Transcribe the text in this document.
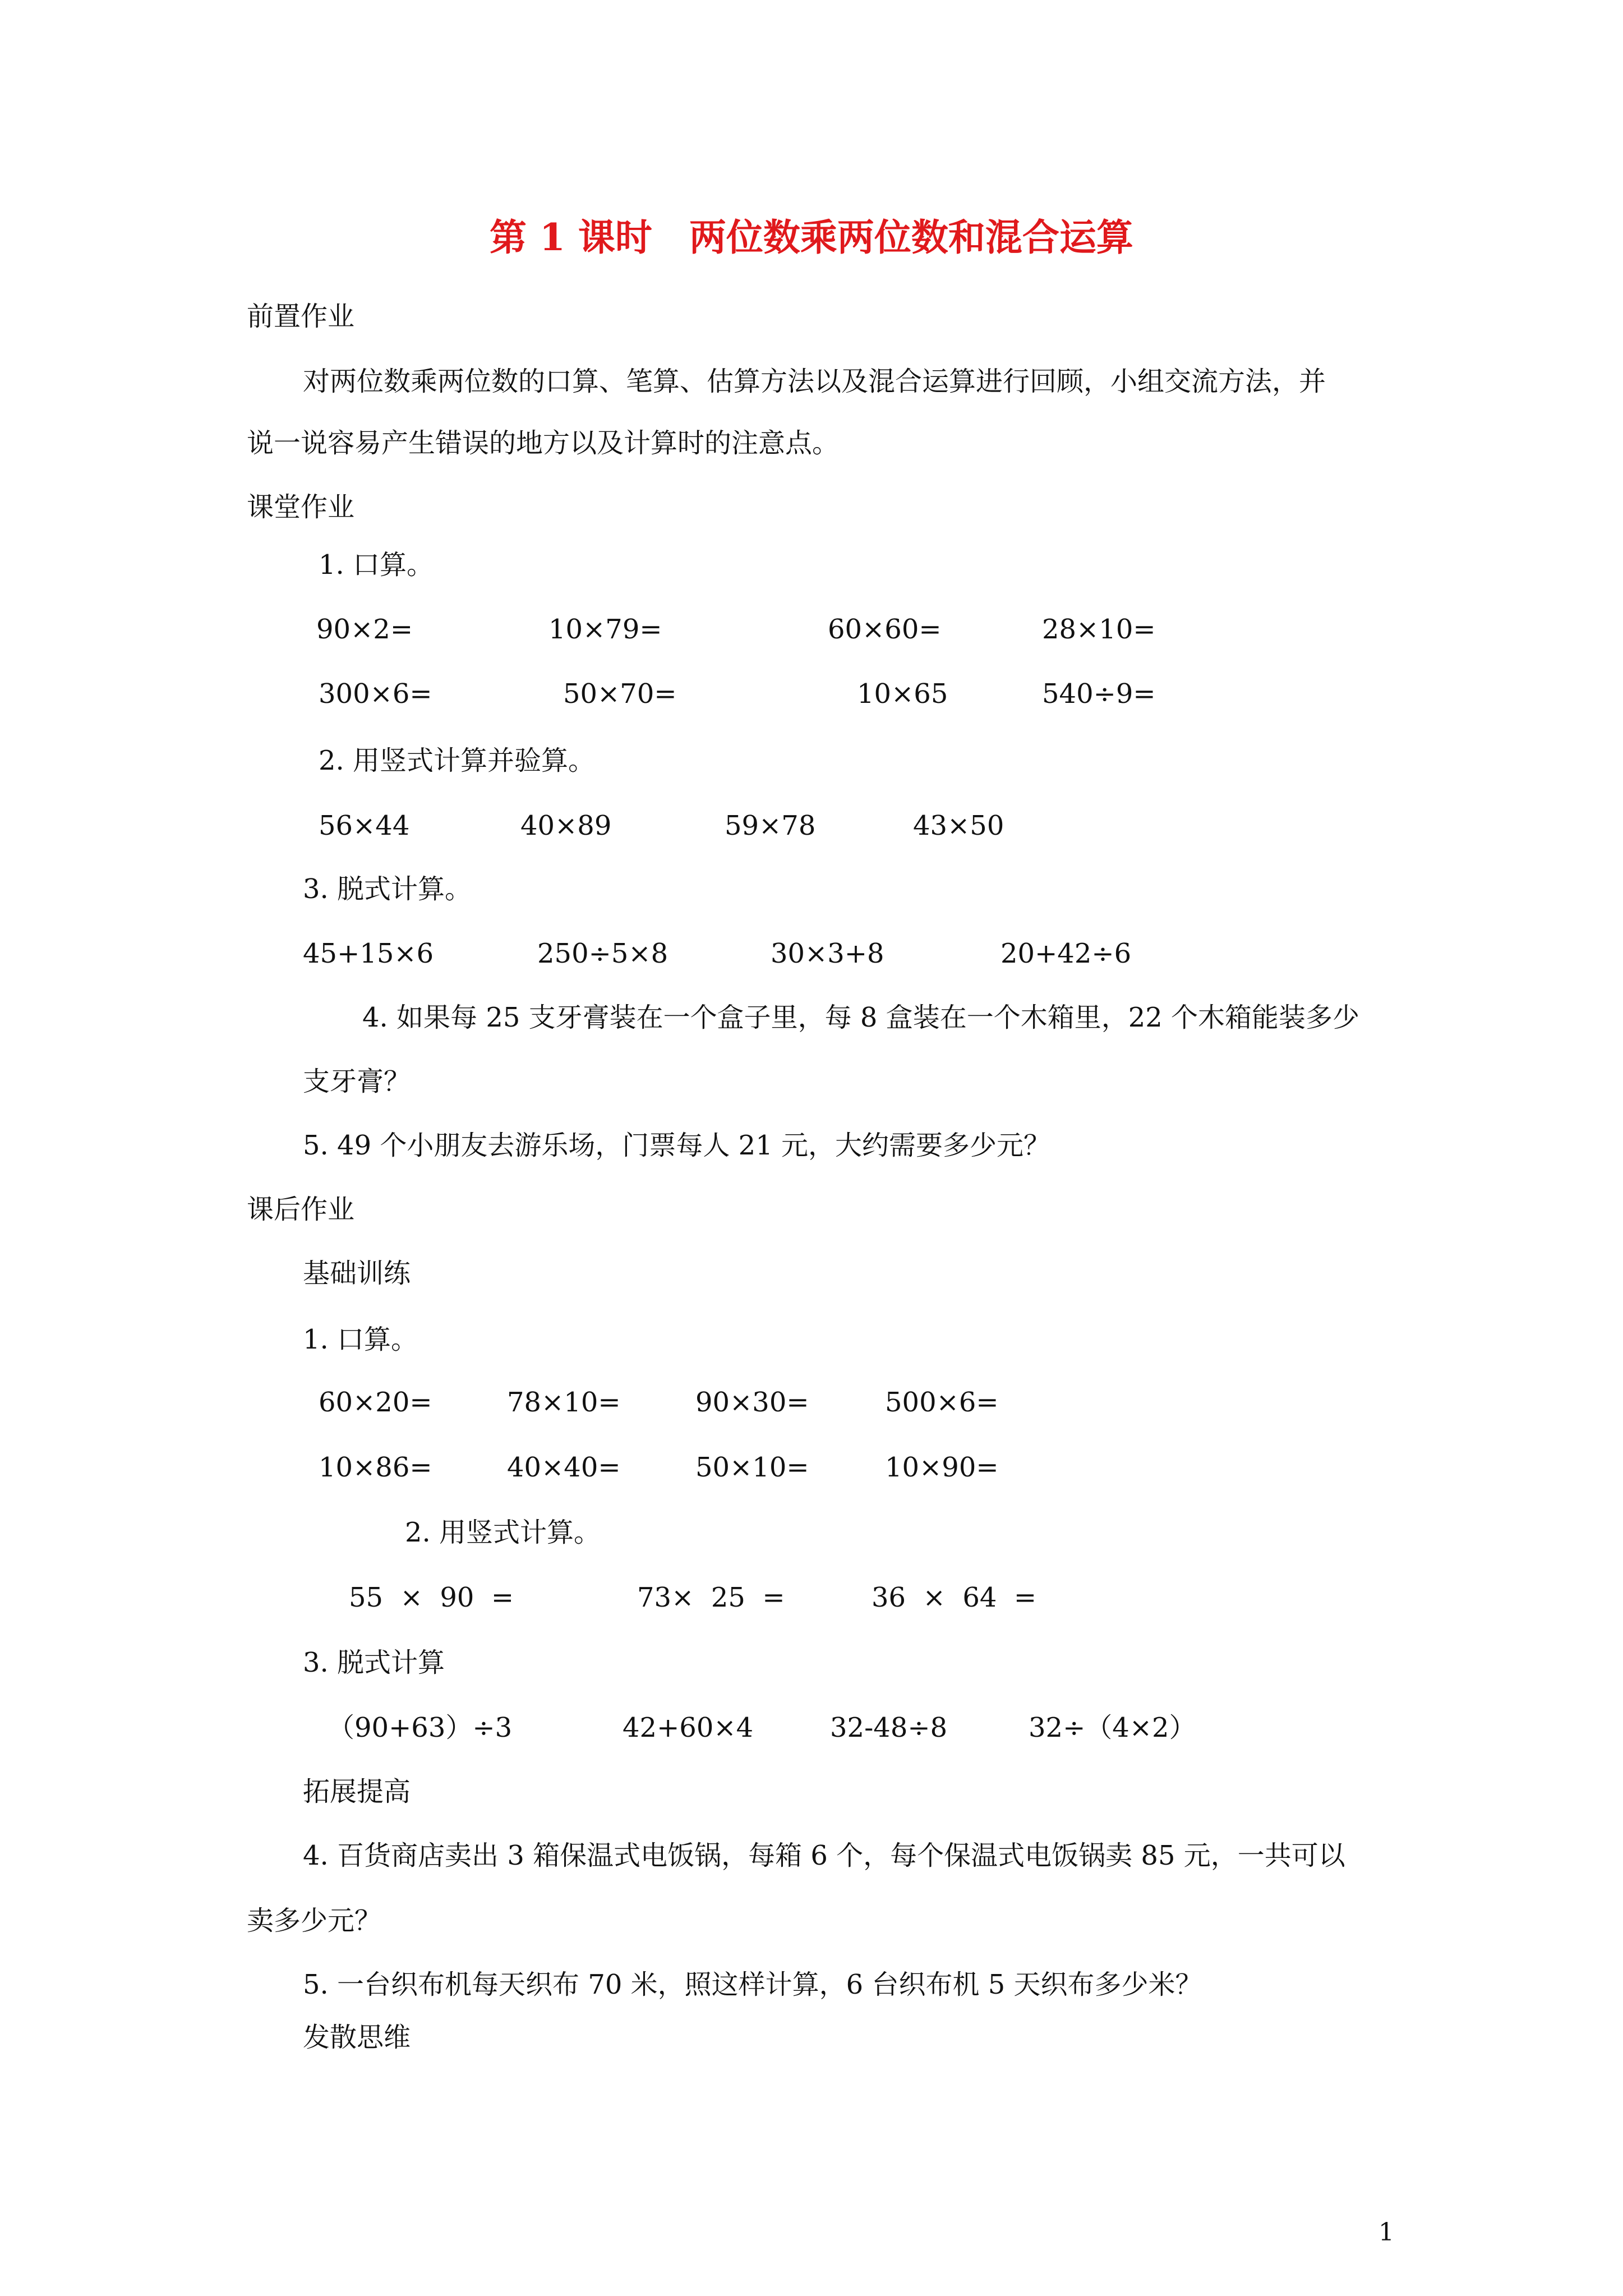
第 1 课时　两位数乘两位数和混合运算
前置作业
对两位数乘两位数的口算、笔算、估算方法以及混合运算进行回顾，小组交流方法，并
说一说容易产生错误的地方以及计算时的注意点。
课堂作业
1. 口算。
90×2=	10×79=	60×60=	28×10=
300×6=	50×70=	10×65	540÷9=
2. 用竖式计算并验算。
56×44	40×89	59×78	43×50
3. 脱式计算。
45+15×6	250÷5×8	30×3+8	20+42÷6
4. 如果每 25 支牙膏装在一个盒子里，每 8 盒装在一个木箱里，22 个木箱能装多少
支牙膏？
5. 49 个小朋友去游乐场，门票每人 21 元，大约需要多少元？
课后作业
基础训练
1. 口算。
60×20=	78×10=	90×30=	500×6=
10×86=	40×40=	50×10=	10×90=
2. 用竖式计算。
55  ×  90  =	73×  25  =	36  ×  64  =
3. 脱式计算
（90+63）÷3	42+60×4	32-48÷8	32÷（4×2）
拓展提高
4. 百货商店卖出 3 箱保温式电饭锅，每箱 6 个，每个保温式电饭锅卖 85 元，一共可以
卖多少元？
5. 一台织布机每天织布 70 米，照这样计算，6 台织布机 5 天织布多少米？
发散思维
1
